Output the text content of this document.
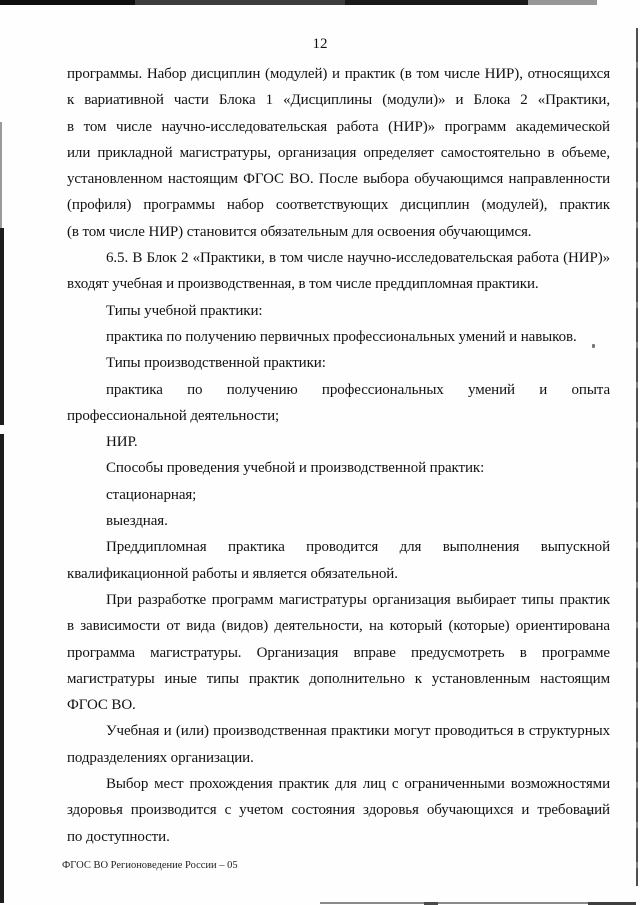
12
программы. Набор дисциплин (модулей) и практик (в том числе НИР), относящихся
к вариативной части Блока 1 «Дисциплины (модули)» и Блока 2 «Практики,
в том числе научно-исследовательская работа (НИР)» программ академической
или прикладной магистратуры, организация определяет самостоятельно в объеме,
установленном настоящим ФГОС ВО. После выбора обучающимся направленности
(профиля) программы набор соответствующих дисциплин (модулей), практик
(в том числе НИР) становится обязательным для освоения обучающимся.
6.5. В Блок 2 «Практики, в том числе научно-исследовательская работа (НИР)»
входят учебная и производственная, в том числе преддипломная практики.
Типы учебной практики:
практика по получению первичных профессиональных умений и навыков.
Типы производственной практики:
практика по получению профессиональных умений и опыта
профессиональной деятельности;
НИР.
Способы проведения учебной и производственной практик:
стационарная;
выездная.
Преддипломная практика проводится для выполнения выпускной
квалификационной работы и является обязательной.
При разработке программ магистратуры организация выбирает типы практик
в зависимости от вида (видов) деятельности, на который (которые) ориентирована
программа магистратуры. Организация вправе предусмотреть в программе
магистратуры иные типы практик дополнительно к установленным настоящим
ФГОС ВО.
Учебная и (или) производственная практики могут проводиться в структурных
подразделениях организации.
Выбор мест прохождения практик для лиц с ограниченными возможностями
здоровья производится с учетом состояния здоровья обучающихся и требований
по доступности.
ФГОС ВО Регионоведение России – 05
